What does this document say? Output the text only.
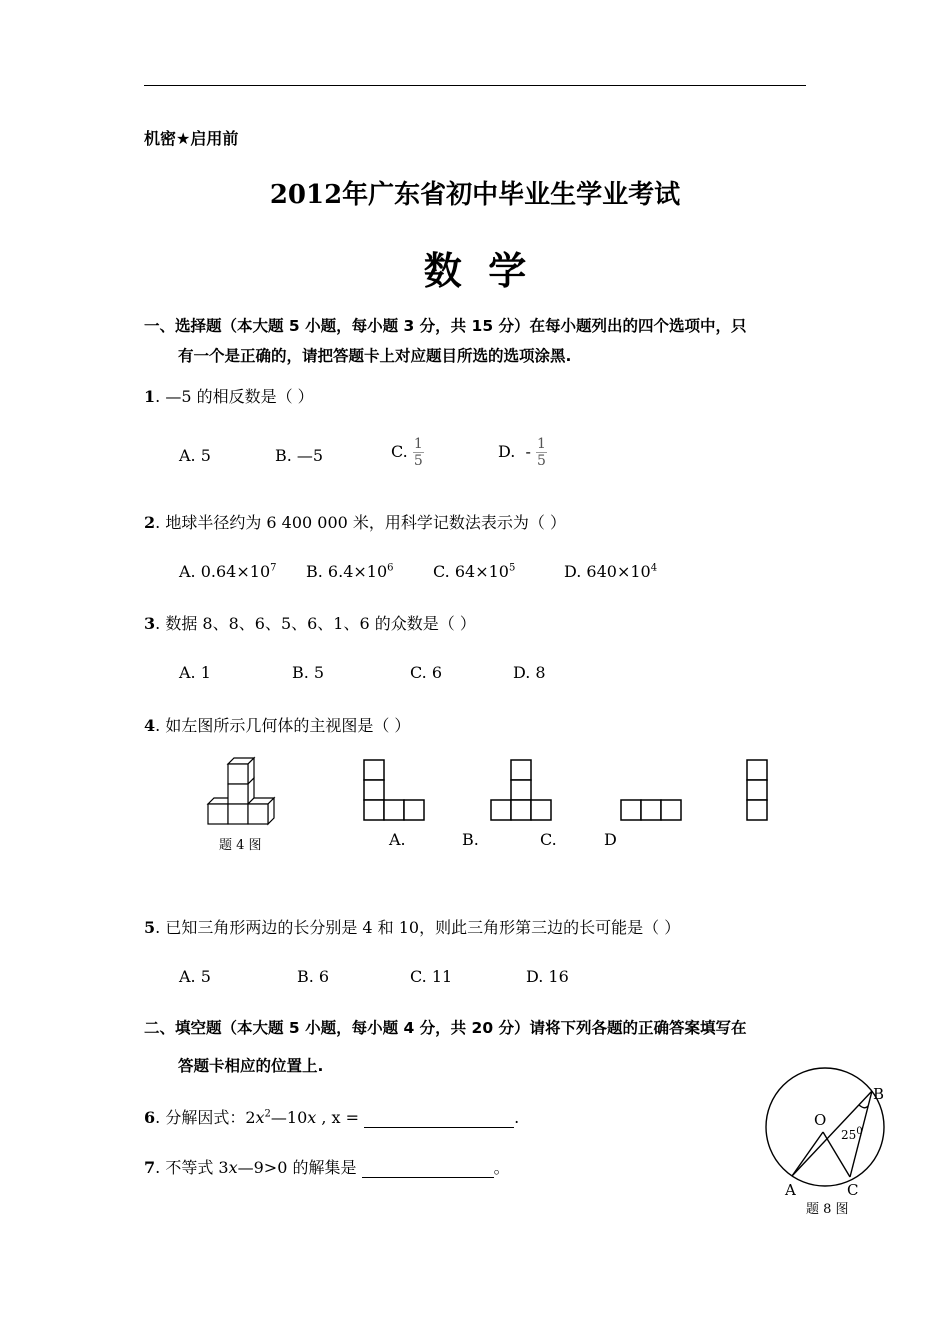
机密★启用前
2012年广东省初中毕业生学业考试
数  学
一、选择题（本大题 5 小题，每小题 3 分，共 15 分）在每小题列出的四个选项中，只
有一个是正确的，请把答题卡上对应题目所选的选项涂黑.
1. —5 的相反数是（ ）
A. 5	B. —5	C. $\frac{1}{5}$	D.  - $\frac{1}{5}$
2. 地球半径约为 6 400 000 米，用科学记数法表示为（ ）
A. $0.64\times 10^7$ B. $6.4\times 10^6$ C. $64\times 10^5$	D. $640\times 10^4$
3. 数据 8、8、6、5、6、1、6 的众数是（ ）
A. 1	B. 5	C. 6	D. 8
4. 如左图所示几何体的主视图是（ ）
题 4 图	A.	B.	C.	D
5. 已知三角形两边的长分别是 4 和 10，则此三角形第三边的长可能是（ ）
A. 5	B. 6	C. 11	D. 16
二、填空题（本大题 5 小题，每小题 4 分，共 20 分）请将下列各题的正确答案填写在
答题卡相应的位置上.
6. 分解因式：$2x^2—10x$ , x =	.
7. 不等式 3x—9>0 的解集是	。
B
O
$25^0$
A	C
题 8 图
